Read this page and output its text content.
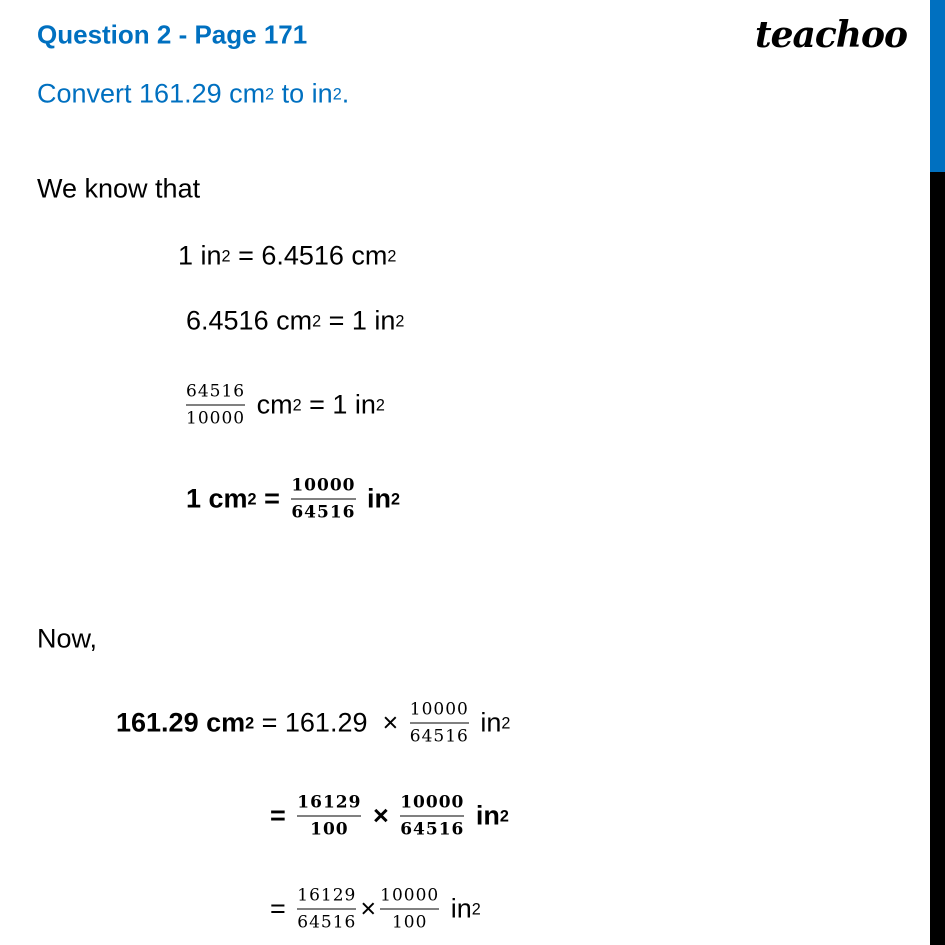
Question 2 - Page 171	teachoo
Convert 161.29 cm 2 to in 2 .
We know that
1 in 2 = 6.4516 cm 2
6.4516 cm 2 = 1 in 2
$\frac{64516}{10000}$ cm 2 = 1 in 2
1 cm $2 = \frac{10000}{64516}$ in 2
Now,
161.29 cm $2 = 161.29 \times \frac{10000}{64516}$ in 2
= $\frac{16129}{100} \times \frac{10000}{64516}$ in 2
= $\frac{16129}{64516} \times \frac{10000}{100}$ in 2
